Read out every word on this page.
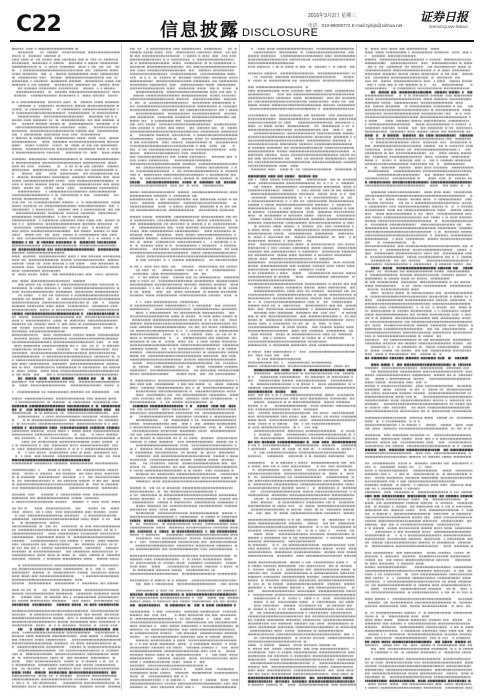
C22	信息披露 DISCLOSURE
2016年3月2日 星期三
电话：010-88009772 E-mail:zjxbjs@xinhua.net
证券日报
ZHENGQUAN RIBAO
